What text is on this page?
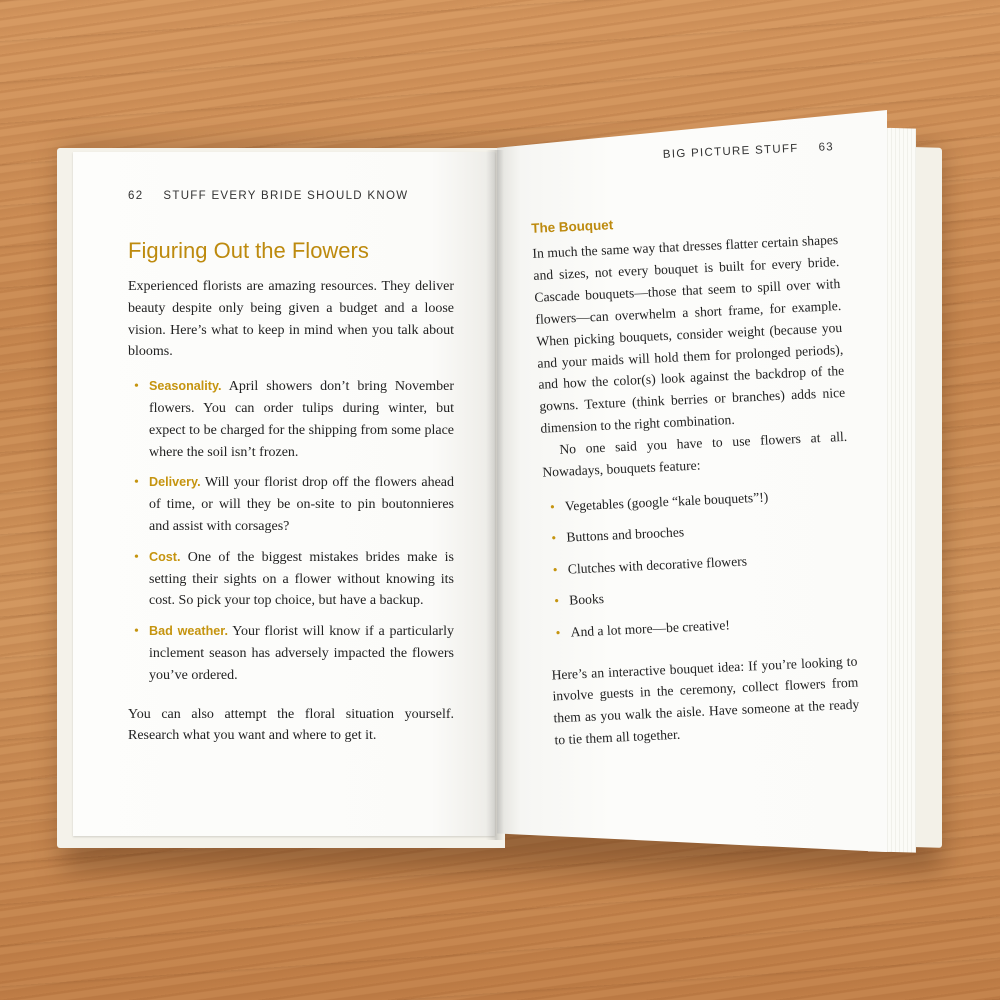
62 STUFF EVERY BRIDE SHOULD KNOW
Figuring Out the Flowers

Experienced florists are amazing resources. They deliver beauty despite only being given a budget and a loose vision. Here’s what to keep in mind when you talk about blooms.

• Seasonality. April showers don’t bring November flowers. You can order tulips during winter, but expect to be charged for the shipping from some place where the soil isn’t frozen.
• Delivery. Will your florist drop off the flowers ahead of time, or will they be on-site to pin boutonnieres and assist with corsages?
• Cost. One of the biggest mistakes brides make is setting their sights on a flower without knowing its cost. So pick your top choice, but have a backup.
• Bad weather. Your florist will know if a particularly inclement season has adversely impacted the flowers you’ve ordered.

You can also attempt the floral situation yourself. Research what you want and where to get it.

BIG PICTURE STUFF 63
The Bouquet

In much the same way that dresses flatter certain shapes and sizes, not every bouquet is built for every bride. Cascade bouquets—those that seem to spill over with flowers—can overwhelm a short frame, for example. When picking bouquets, consider weight (because you and your maids will hold them for prolonged periods), and how the color(s) look against the backdrop of the gowns. Texture (think berries or branches) adds nice dimension to the right combination.

No one said you have to use flowers at all. Nowadays, bouquets feature:

• Vegetables (google “kale bouquets”!)
• Buttons and brooches
• Clutches with decorative flowers
• Books
• And a lot more—be creative!

Here’s an interactive bouquet idea: If you’re looking to involve guests in the ceremony, collect flowers from them as you walk the aisle. Have someone at the ready to tie them all together.
